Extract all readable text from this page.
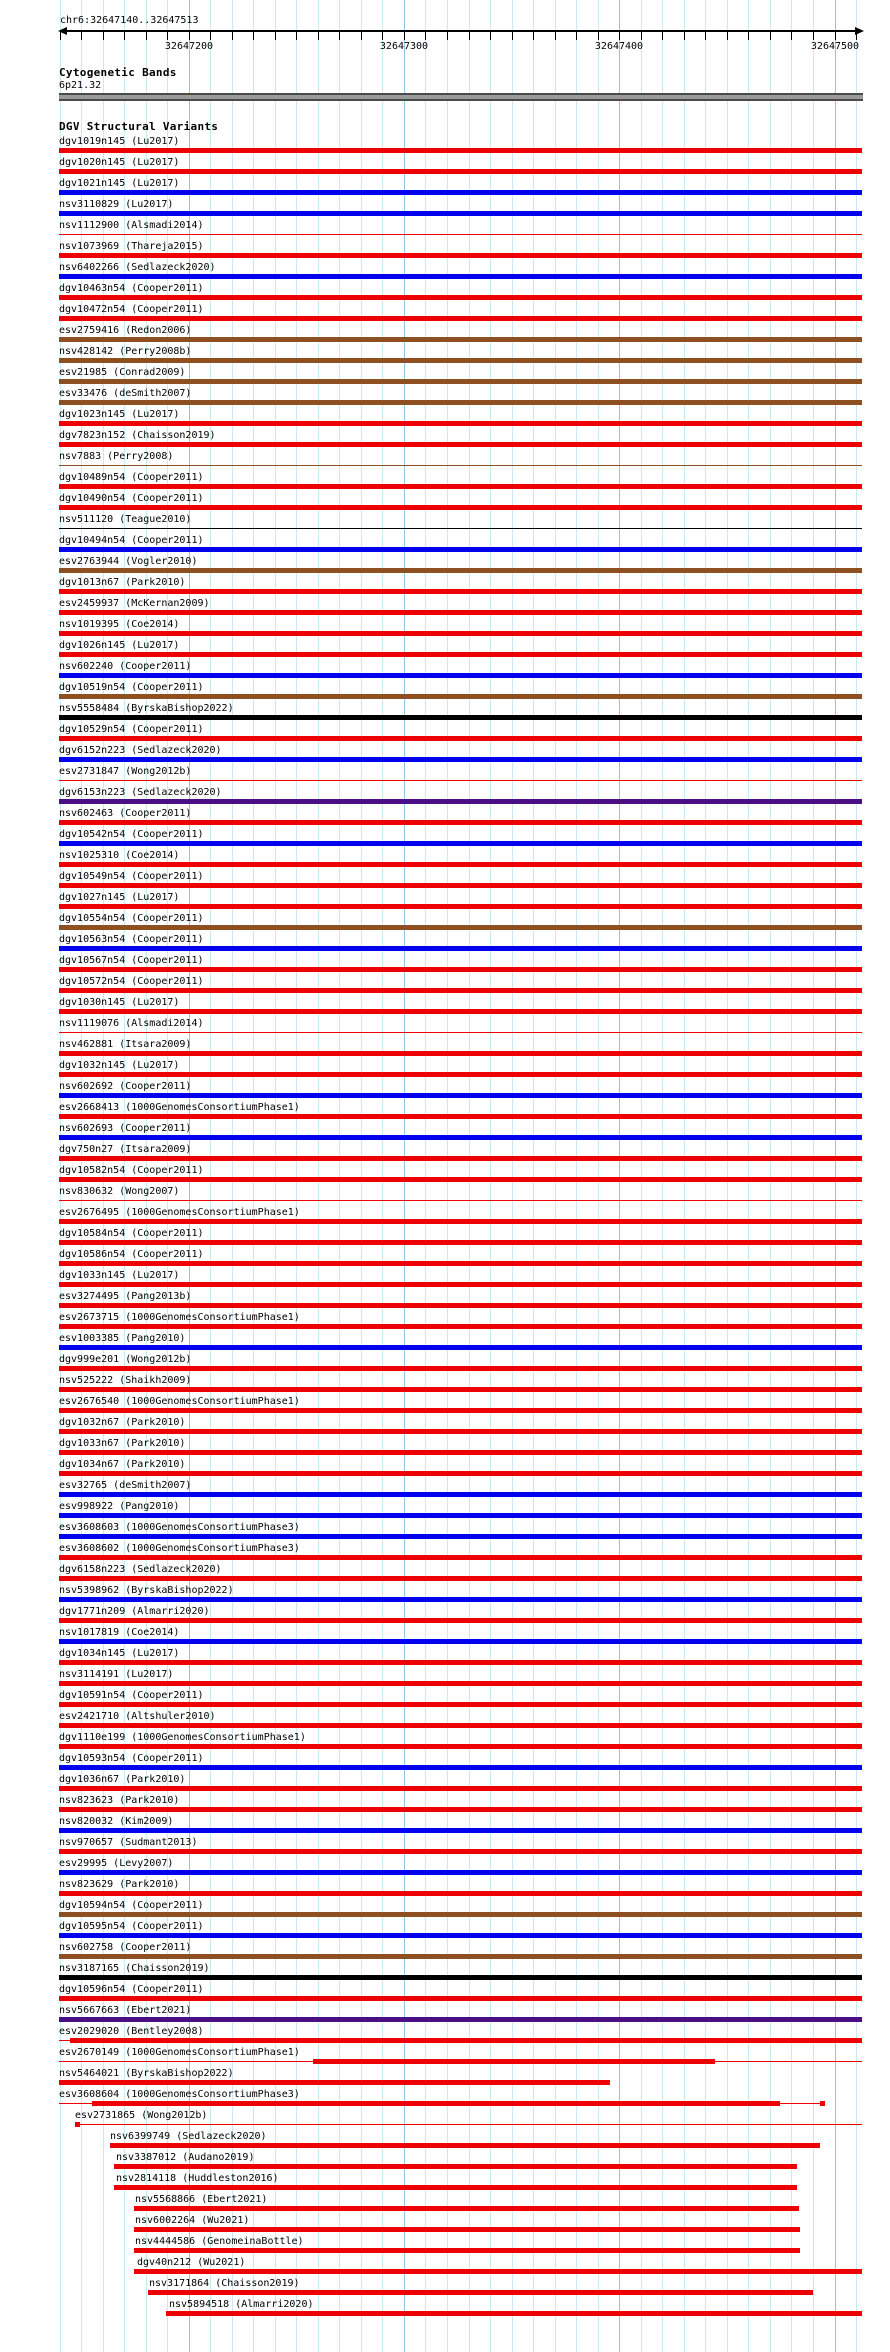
chr6:32647140..32647513
32647200	32647300	32647400	32647500
Cytogenetic Bands
6p21.32
DGV Structural Variants
dgv1019n145 (Lu2017)
dgv1020n145 (Lu2017)
dgv1021n145 (Lu2017)
nsv3110829 (Lu2017)
nsv1112900 (Alsmadi2014)
nsv1073969 (Thareja2015)
nsv6402266 (Sedlazeck2020)
dgv10463n54 (Cooper2011)
dgv10472n54 (Cooper2011)
esv2759416 (Redon2006)
nsv428142 (Perry2008b)
esv21985 (Conrad2009)
esv33476 (deSmith2007)
dgv1023n145 (Lu2017)
dgv7823n152 (Chaisson2019)
nsv7883 (Perry2008)
dgv10489n54 (Cooper2011)
dgv10490n54 (Cooper2011)
nsv511120 (Teague2010)
dgv10494n54 (Cooper2011)
esv2763944 (Vogler2010)
dgv1013n67 (Park2010)
esv2459937 (McKernan2009)
nsv1019395 (Coe2014)
dgv1026n145 (Lu2017)
nsv602240 (Cooper2011)
dgv10519n54 (Cooper2011)
nsv5558484 (ByrskaBishop2022)
dgv10529n54 (Cooper2011)
dgv6152n223 (Sedlazeck2020)
esv2731847 (Wong2012b)
dgv6153n223 (Sedlazeck2020)
nsv602463 (Cooper2011)
dgv10542n54 (Cooper2011)
nsv1025310 (Coe2014)
dgv10549n54 (Cooper2011)
dgv1027n145 (Lu2017)
dgv10554n54 (Cooper2011)
dgv10563n54 (Cooper2011)
dgv10567n54 (Cooper2011)
dgv10572n54 (Cooper2011)
dgv1030n145 (Lu2017)
nsv1119076 (Alsmadi2014)
nsv462881 (Itsara2009)
dgv1032n145 (Lu2017)
nsv602692 (Cooper2011)
esv2668413 (1000GenomesConsortiumPhase1)
nsv602693 (Cooper2011)
dgv750n27 (Itsara2009)
dgv10582n54 (Cooper2011)
nsv830632 (Wong2007)
esv2676495 (1000GenomesConsortiumPhase1)
dgv10584n54 (Cooper2011)
dgv10586n54 (Cooper2011)
dgv1033n145 (Lu2017)
esv3274495 (Pang2013b)
esv2673715 (1000GenomesConsortiumPhase1)
esv1003385 (Pang2010)
dgv999e201 (Wong2012b)
nsv525222 (Shaikh2009)
esv2676540 (1000GenomesConsortiumPhase1)
dgv1032n67 (Park2010)
dgv1033n67 (Park2010)
dgv1034n67 (Park2010)
esv32765 (deSmith2007)
esv998922 (Pang2010)
esv3608603 (1000GenomesConsortiumPhase3)
esv3608602 (1000GenomesConsortiumPhase3)
dgv6158n223 (Sedlazeck2020)
nsv5398962 (ByrskaBishop2022)
dgv1771n209 (Almarri2020)
nsv1017819 (Coe2014)
dgv1034n145 (Lu2017)
nsv3114191 (Lu2017)
dgv10591n54 (Cooper2011)
esv2421710 (Altshuler2010)
dgv1110e199 (1000GenomesConsortiumPhase1)
dgv10593n54 (Cooper2011)
dgv1036n67 (Park2010)
nsv823623 (Park2010)
nsv820032 (Kim2009)
nsv970657 (Sudmant2013)
esv29995 (Levy2007)
nsv823629 (Park2010)
dgv10594n54 (Cooper2011)
dgv10595n54 (Cooper2011)
nsv602758 (Cooper2011)
nsv3187165 (Chaisson2019)
dgv10596n54 (Cooper2011)
nsv5667663 (Ebert2021)
esv2029020 (Bentley2008)
esv2670149 (1000GenomesConsortiumPhase1)
nsv5464021 (ByrskaBishop2022)
esv3608604 (1000GenomesConsortiumPhase3)
esv2731865 (Wong2012b)
nsv6399749 (Sedlazeck2020)
nsv3387012 (Audano2019)
nsv2814118 (Huddleston2016)
nsv5568866 (Ebert2021)
nsv6002264 (Wu2021)
nsv4444586 (GenomeinaBottle)
dgv40n212 (Wu2021)
nsv3171864 (Chaisson2019)
nsv5894518 (Almarri2020)
